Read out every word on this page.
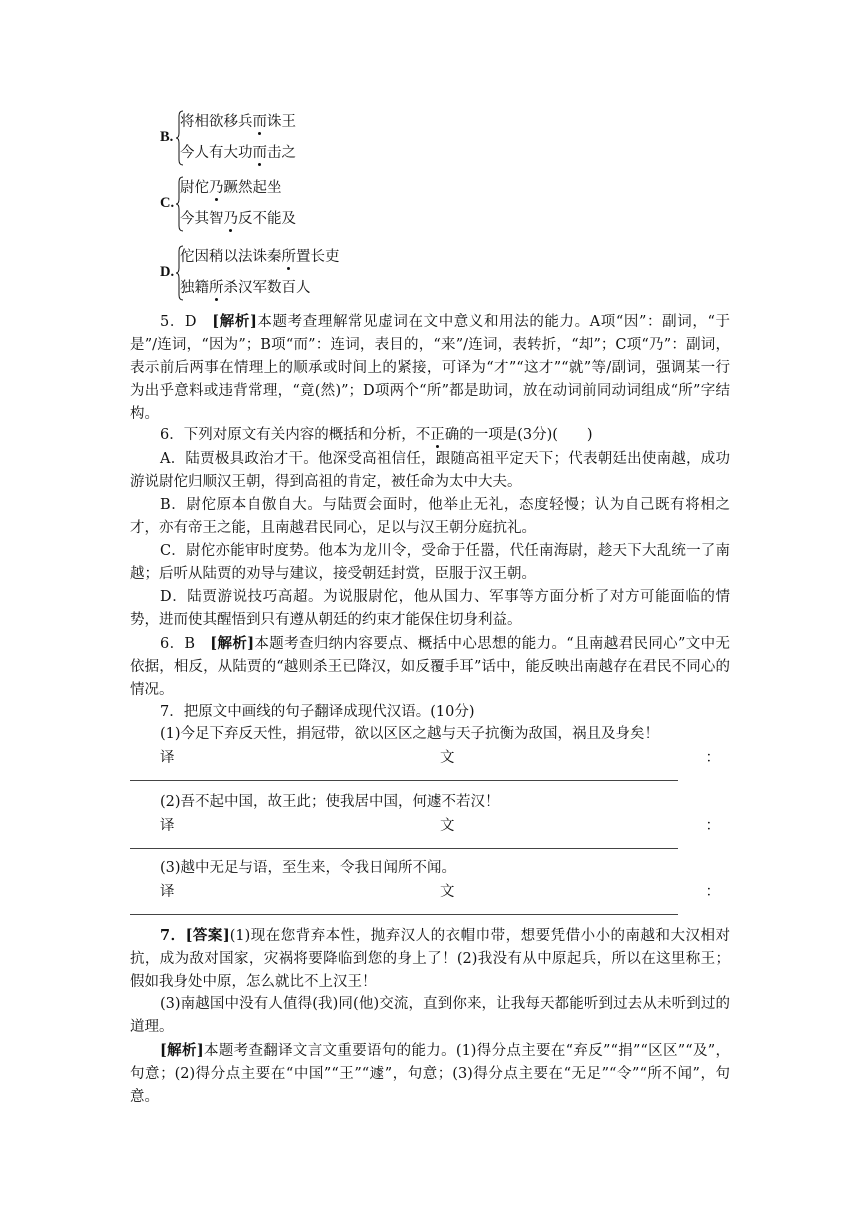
B.
将相欲移兵而诛王
今人有大功而击之
C.
尉佗乃蹶然起坐
今其智乃反不能及
D.
佗因稍以法诛秦所置长吏
独籍所杀汉军数百人

5．D　 [解析]本题考查理解常见虚词在文中意义和用法的能力。A项“因”：副词，“于是”/连词，“因为”；B项“而”：连词，表目的，“来”/连词，表转折，“却”；C项“乃”：副词，表示前后两事在情理上的顺承或时间上的紧接，可译为“才”“这才”“就”等/副词，强调某一行为出乎意料或违背常理，“竟(然)”；D项两个“所”都是助词，放在动词前同动词组成“所”字结构。

6．下列对原文有关内容的概括和分析，不正确的一项是(3分)(　　)

A．陆贾极具政治才干。他深受高祖信任，跟随高祖平定天下；代表朝廷出使南越，成功游说尉佗归顺汉王朝，得到高祖的肯定，被任命为太中大夫。

B．尉佗原本自傲自大。与陆贾会面时，他举止无礼，态度轻慢；认为自己既有将相之才，亦有帝王之能，且南越君民同心，足以与汉王朝分庭抗礼。

C．尉佗亦能审时度势。他本为龙川令，受命于任嚣，代任南海尉，趁天下大乱统一了南越；后听从陆贾的劝导与建议，接受朝廷封赏，臣服于汉王朝。

D．陆贾游说技巧高超。为说服尉佗，他从国力、军事等方面分析了对方可能面临的情势，进而使其醒悟到只有遵从朝廷的约束才能保住切身利益。

6．B　 [解析]本题考查归纳内容要点、概括中心思想的能力。“且南越君民同心”文中无依据，相反，从陆贾的“越则杀王已降汉，如反覆手耳”话中，能反映出南越存在君民不同心的情况。

7．把原文中画线的句子翻译成现代汉语。(10分)

(1)今足下弃反天性，捐冠带，欲以区区之越与天子抗衡为敌国，祸且及身矣！
译	文	：
(2)吾不起中国，故王此；使我居中国，何遽不若汉！
译	文	：
(3)越中无足与语，至生来，令我日闻所不闻。
译	文	：

7．[答案](1)现在您背弃本性，抛弃汉人的衣帽巾带，想要凭借小小的南越和大汉相对抗，成为敌对国家，灾祸将要降临到您的身上了！(2)我没有从中原起兵，所以在这里称王；假如我身处中原，怎么就比不上汉王！

(3)南越国中没有人值得(我)同(他)交流，直到你来，让我每天都能听到过去从未听到过的道理。

[解析]本题考查翻译文言文重要语句的能力。(1)得分点主要在“弃反”“捐”“区区”“及”，句意；(2)得分点主要在“中国”“王”“遽”，句意；(3)得分点主要在“无足”“令”“所不闻”，句意。
